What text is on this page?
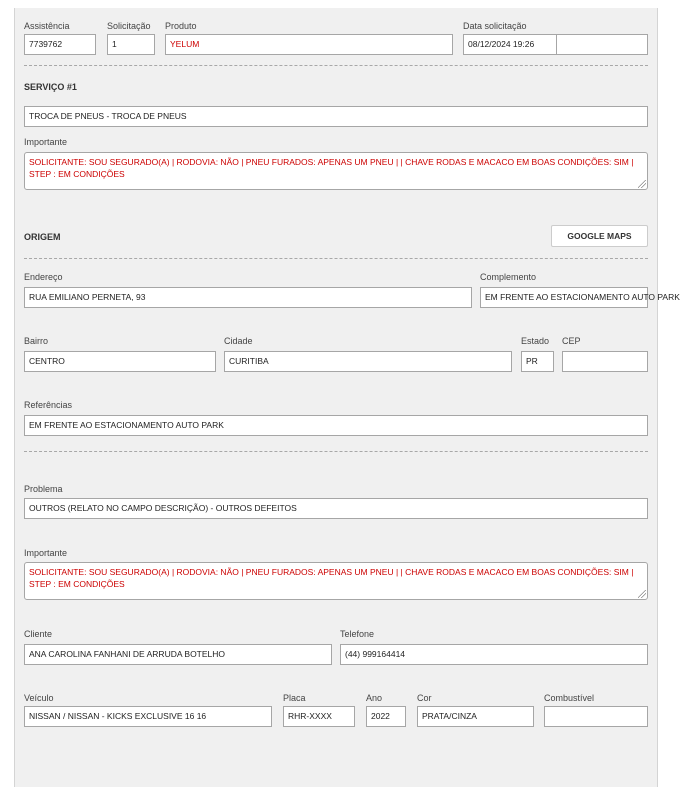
Assistência
7739762
Solicitação
1
Produto
YELUM
Data solicitação
08/12/2024 19:26
SERVIÇO #1
TROCA DE PNEUS - TROCA DE PNEUS
Importante
SOLICITANTE: SOU SEGURADO(A) | RODOVIA: NÃO | PNEU FURADOS: APENAS UM PNEU | | CHAVE RODAS E MACACO EM BOAS CONDIÇÕES: SIM | STEP : EM CONDIÇÕES
ORIGEM	GOOGLE MAPS
Endereço
RUA EMILIANO PERNETA, 93
Complemento
EM FRENTE AO ESTACIONAMENTO AUTO PARK
Bairro
CENTRO
Cidade
CURITIBA
Estado
PR
CEP
Referências
EM FRENTE AO ESTACIONAMENTO AUTO PARK
Problema
OUTROS (RELATO NO CAMPO DESCRIÇÃO) - OUTROS DEFEITOS
Importante
SOLICITANTE: SOU SEGURADO(A) | RODOVIA: NÃO | PNEU FURADOS: APENAS UM PNEU | | CHAVE RODAS E MACACO EM BOAS CONDIÇÕES: SIM | STEP : EM CONDIÇÕES
Cliente
ANA CAROLINA FANHANI DE ARRUDA BOTELHO
Telefone
(44) 999164414
Veículo
NISSAN / NISSAN - KICKS EXCLUSIVE 16 16
Placa
RHR-XXXX
Ano
2022
Cor
PRATA/CINZA
Combustível
